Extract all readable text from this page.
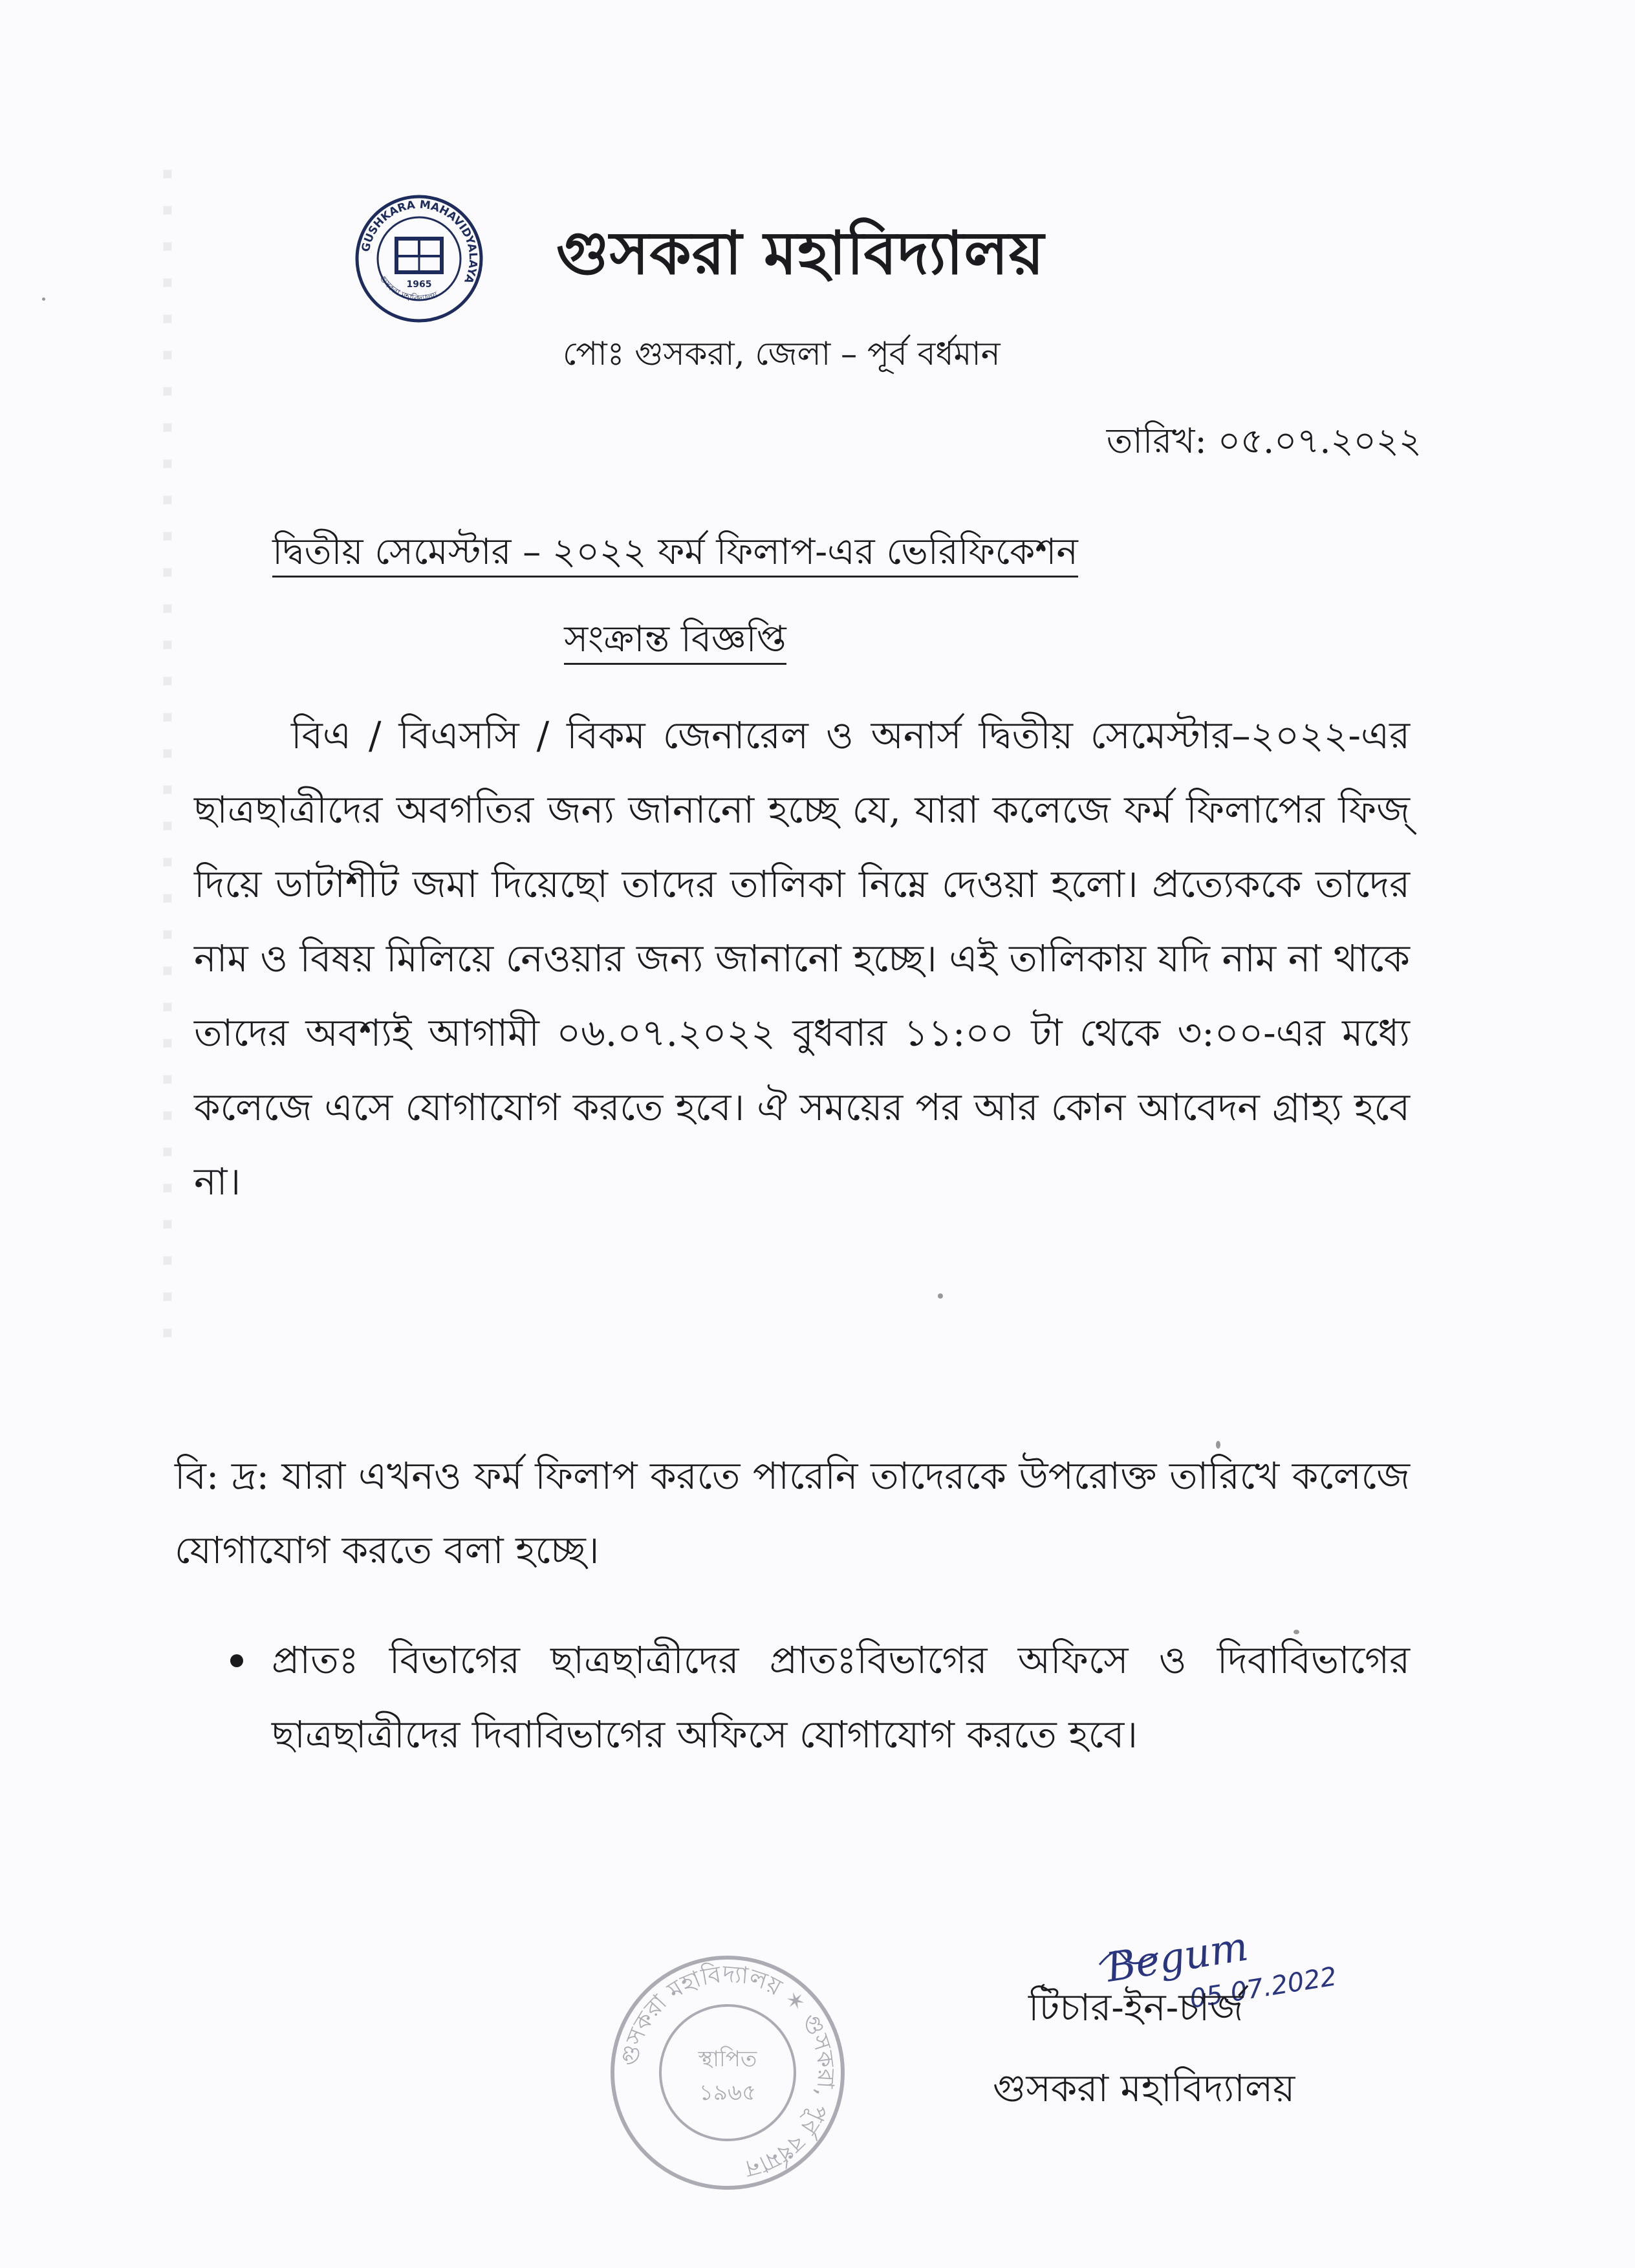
▪
▪
▪
▪
▪
▪
▪
▪
▪
▪
▪
▪
▪
▪
▪
▪
▪
▪
▪
▪
▪
▪
▪
▪
▪
▪
▪
▪
▪
▪
▪
▪
▪
GUSHKARA MAHAVIDYALAYA
গুসকরা মহাবিদ্যালয়
1965 গুসকরা মহাবিদ্যালয়
পোঃ গুসকরা, জেলা – পূর্ব বর্ধমান
তারিখ: ০৫.০৭.২০২২
দ্বিতীয় সেমেস্টার – ২০২২ ফর্ম ফিলাপ-এর ভেরিফিকেশন
সংক্রান্ত বিজ্ঞপ্তি

বিএ / বিএসসি / বিকম জেনারেল ও অনার্স দ্বিতীয় সেমেস্টার–২০২২-এর ছাত্রছাত্রীদের অবগতির জন্য জানানো হচ্ছে যে, যারা কলেজে ফর্ম ফিলাপের ফিজ্ দিয়ে ডাটাশীট জমা দিয়েছো তাদের তালিকা নিম্নে দেওয়া হলো। প্রত্যেককে তাদের নাম ও বিষয় মিলিয়ে নেওয়ার জন্য জানানো হচ্ছে। এই তালিকায় যদি নাম না থাকে তাদের অবশ্যই আগামী ০৬.০৭.২০২২ বুধবার ১১:০০ টা থেকে ৩:০০-এর মধ্যে কলেজে এসে যোগাযোগ করতে হবে। ঐ সময়ের পর আর কোন আবেদন গ্রাহ্য হবে না।

বি: দ্র: যারা এখনও ফর্ম ফিলাপ করতে পারেনি তাদেরকে উপরোক্ত তারিখে কলেজে যোগাযোগ করতে বলা হচ্ছে।

প্রাতঃ বিভাগের ছাত্রছাত্রীদের প্রাতঃবিভাগের অফিসে ও দিবাবিভাগের ছাত্রছাত্রীদের দিবাবিভাগের অফিসে যোগাযোগ করতে হবে।
Begum
05.07.2022
গুসকরা মহাবিদ্যালয় ✶ গুসকরা, পূর্ব বর্ধমান
স্থাপিত
১৯৬৫
টিচার-ইন-চার্জ
গুসকরা মহাবিদ্যালয়
